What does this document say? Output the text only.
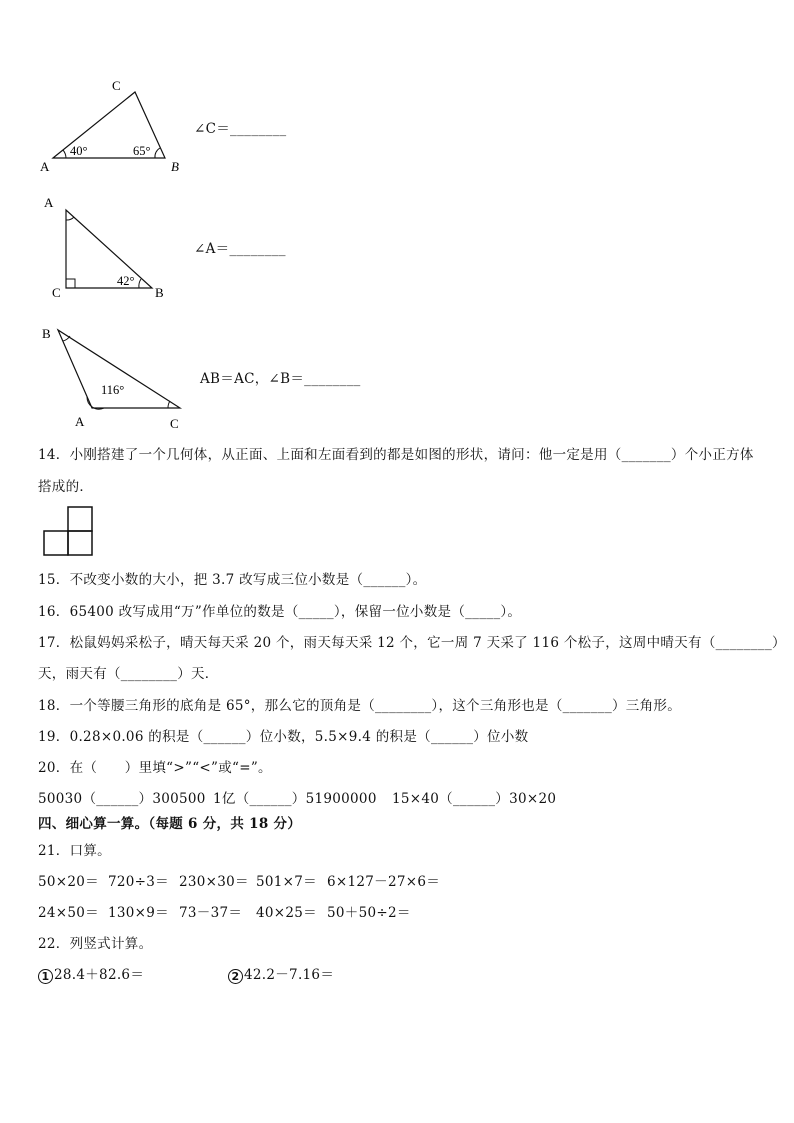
C
A	B
40°	65°
∠C＝________
A
C	B
42°
∠A＝________
B
A	C
116°
AB＝AC，∠B＝________
14．小刚搭建了一个几何体，从正面、上面和左面看到的都是如图的形状，请问：他一定是用（_______）个小正方体
搭成的．
15．不改变小数的大小，把 3.7 改写成三位小数是（______）。
16．65400 改写成用“万”作单位的数是（_____），保留一位小数是（_____）。
17．松鼠妈妈采松子，晴天每天采 20 个，雨天每天采 12 个，它一周 7 天采了 116 个松子，这周中晴天有（________）
天，雨天有（________）天．
18．一个等腰三角形的底角是 65°，那么它的顶角是（________），这个三角形也是（_______）三角形。
19．0.28×0.06 的积是（______）位小数，5.5×9.4 的积是（______）位小数
20．在（　　）里填“>”“<”或“=”。
50030（______）300500 1亿（______）51900000 15×40（______）30×20
四、细心算一算。（每题 6 分，共 18 分）
21．口算。
50×20＝ 720÷3＝ 230×30＝ 501×7＝ 6×127－27×6＝
24×50＝ 130×9＝ 73－37＝ 40×25＝ 50＋50÷2＝
22．列竖式计算。
1 28.4＋82.6＝	2 42.2－7.16＝
